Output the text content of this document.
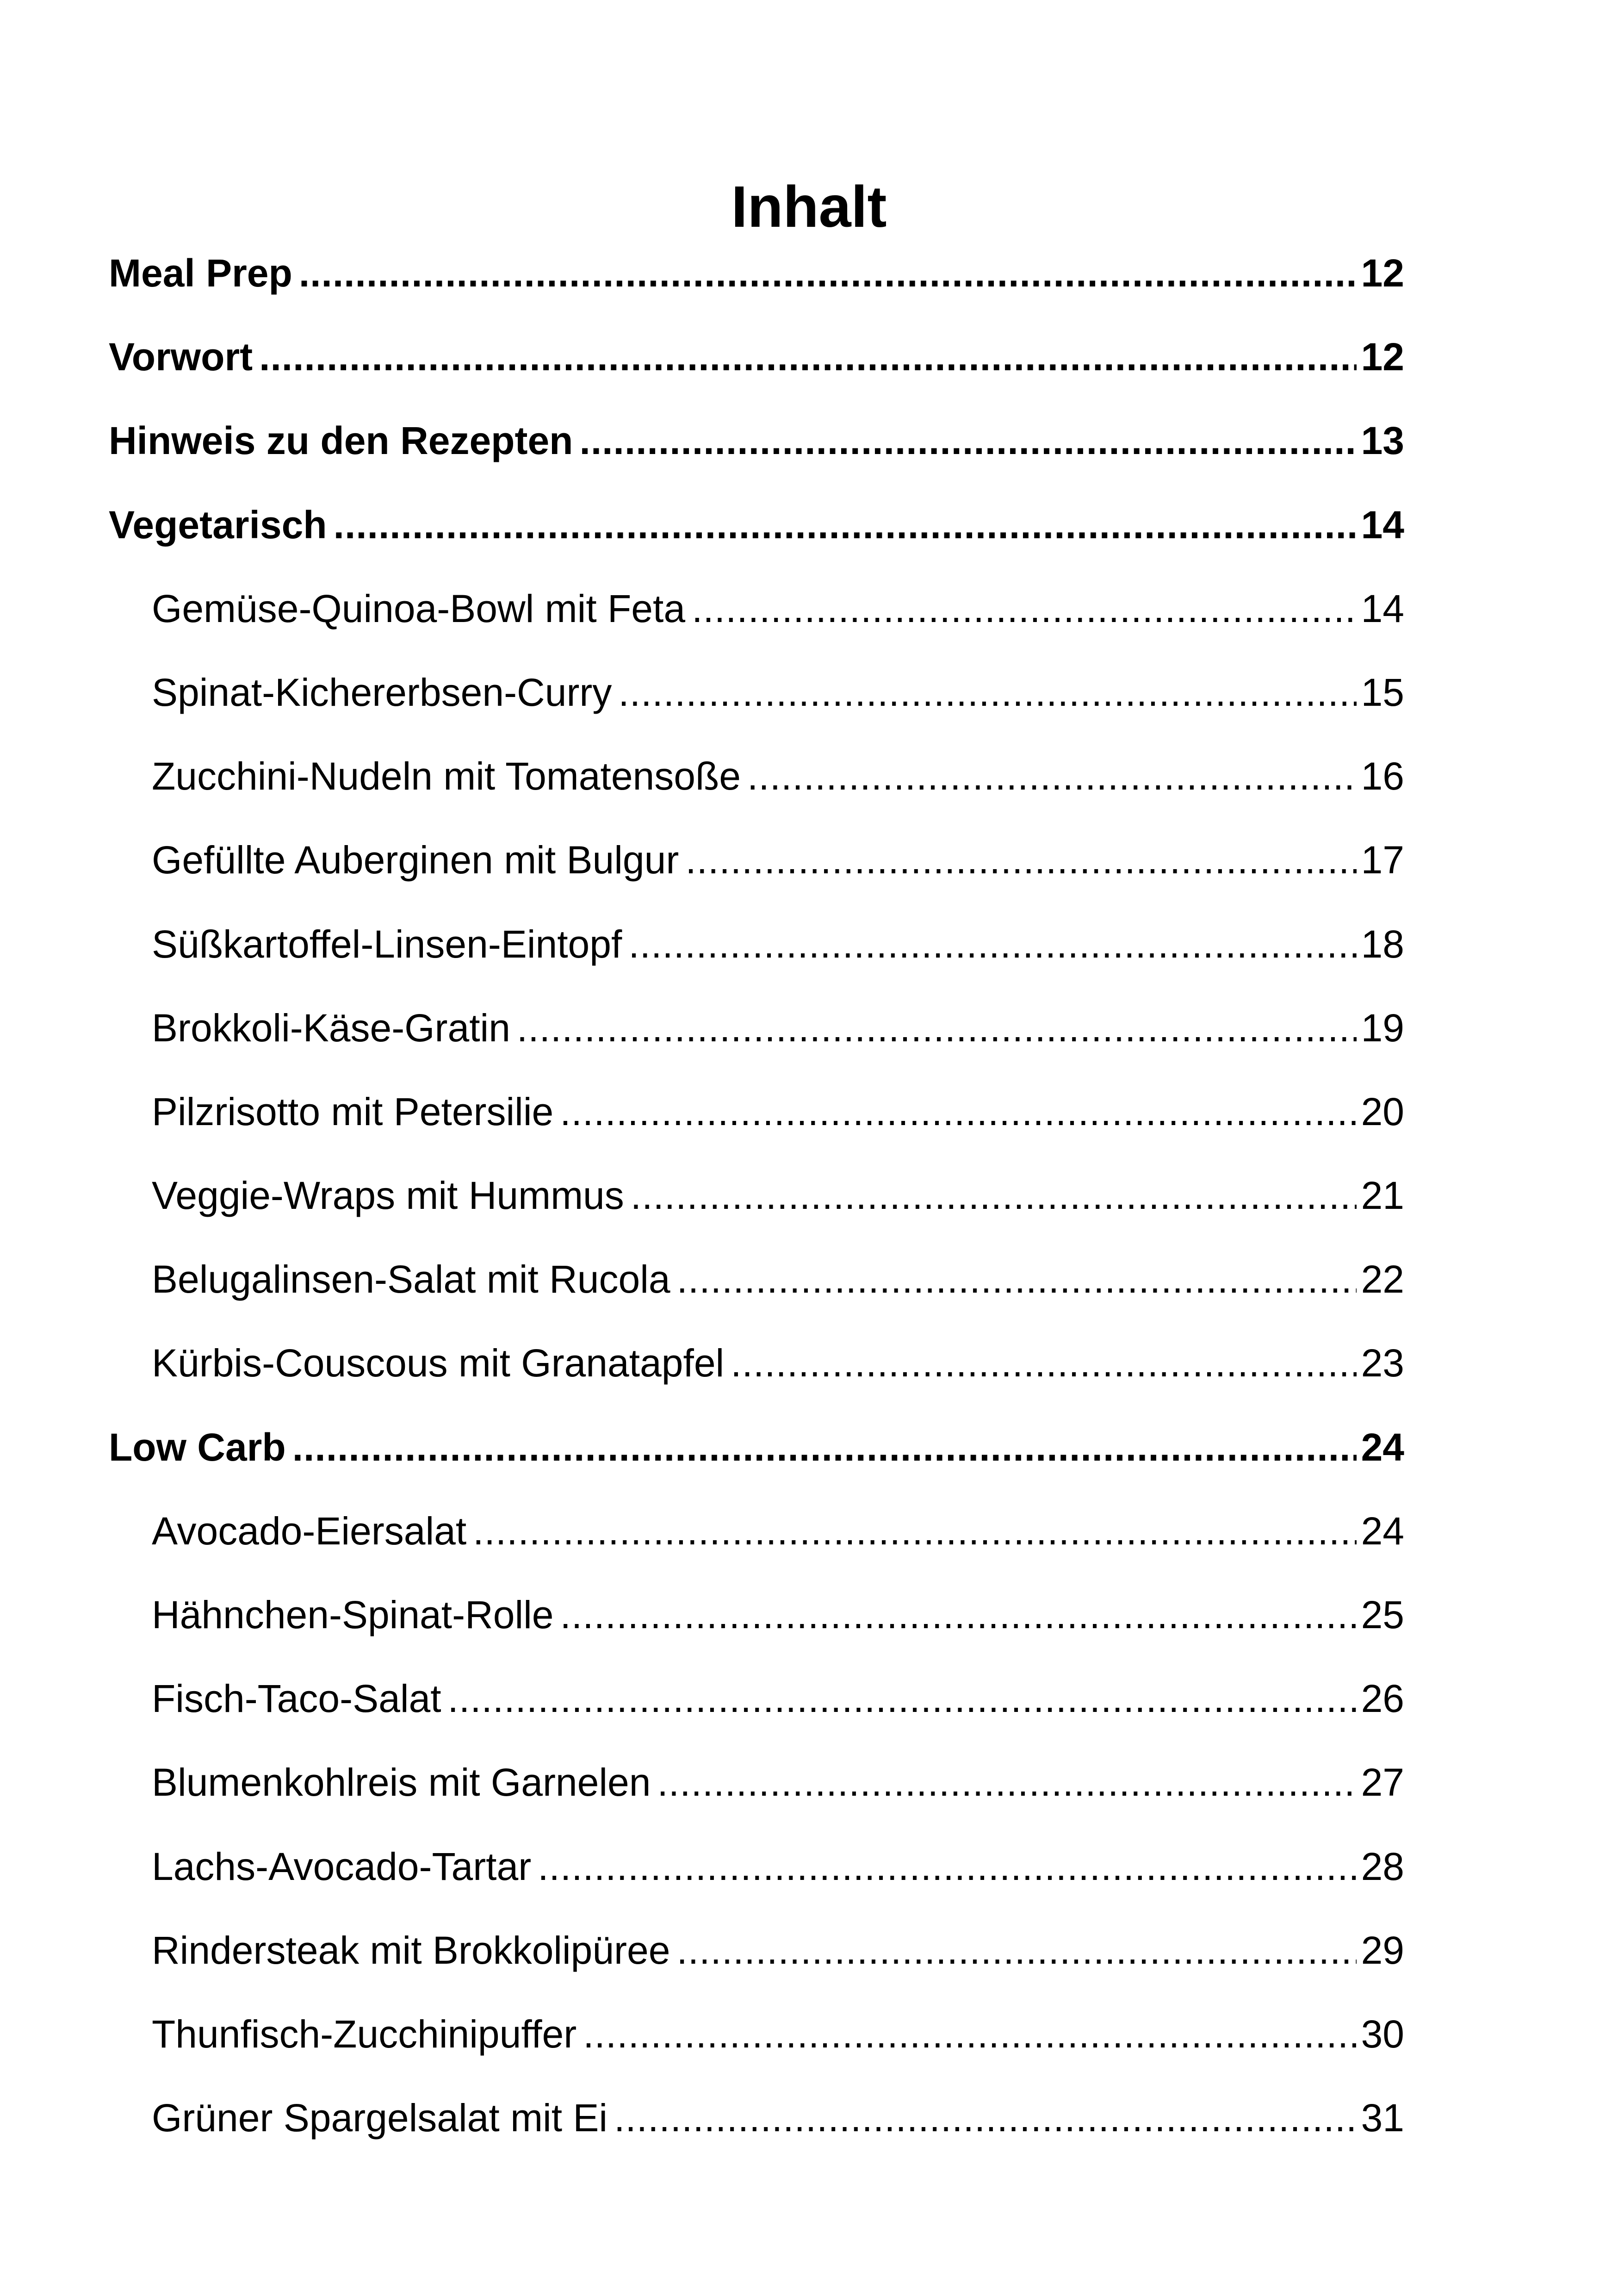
Inhalt
Meal Prep .....	12
Vorwort .....	12
Hinweis zu den Rezepten .....	13
Vegetarisch .....	14
Gemüse-Quinoa-Bowl mit Feta .....	14
Spinat-Kichererbsen-Curry .....	15
Zucchini-Nudeln mit Tomatensoße .....	16
Gefüllte Auberginen mit Bulgur .....	17
Süßkartoffel-Linsen-Eintopf .....	18
Brokkoli-Käse-Gratin .....	19
Pilzrisotto mit Petersilie .....	20
Veggie-Wraps mit Hummus .....	21
Belugalinsen-Salat mit Rucola .....	22
Kürbis-Couscous mit Granatapfel .....	23
Low Carb .....	24
Avocado-Eiersalat .....	24
Hähnchen-Spinat-Rolle .....	25
Fisch-Taco-Salat .....	26
Blumenkohlreis mit Garnelen .....	27
Lachs-Avocado-Tartar .....	28
Rindersteak mit Brokkolipüree .....	29
Thunfisch-Zucchinipuffer .....	30
Grüner Spargelsalat mit Ei .....	31
